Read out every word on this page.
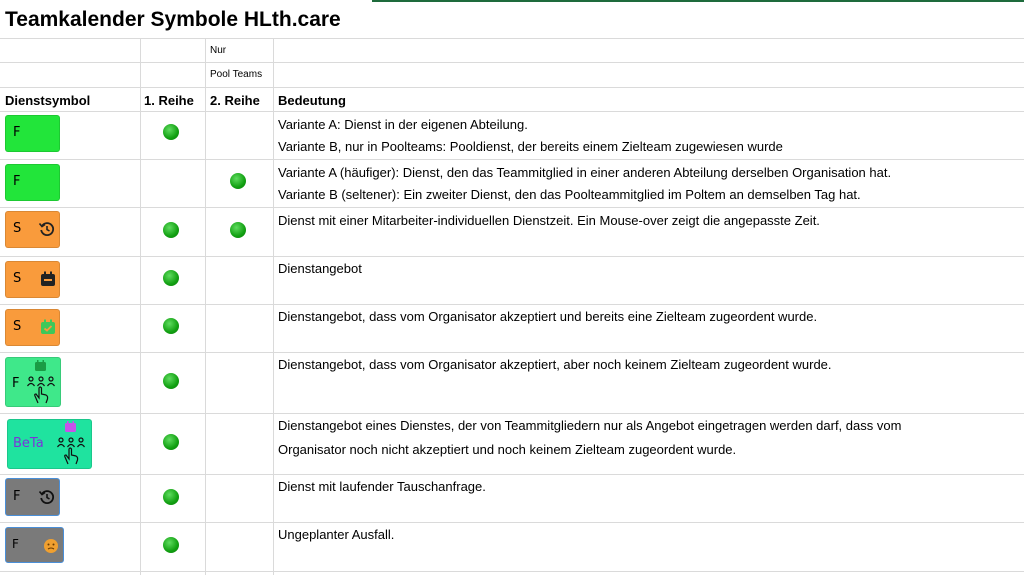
Teamkalender Symbole HLth.care
Nur
Pool Teams
Dienstsymbol	1. Reihe 2. Reihe Bedeutung
F
Variante A: Dienst in der eigenen Abteilung.
Variante B, nur in Poolteams: Pooldienst, der bereits einem Zielteam zugewiesen wurde
F
Variante A (häufiger): Dienst, den das Teammitglied in einer anderen Abteilung derselben Organisation hat.
Variante B (seltener): Ein zweiter Dienst, den das Poolteammitglied im Poltem an demselben Tag hat.
S
Dienst mit einer Mitarbeiter-individuellen Dienstzeit. Ein Mouse-over zeigt die angepasste Zeit.
S
Dienstangebot
S
Dienstangebot, dass vom Organisator akzeptiert und bereits eine Zielteam zugeordent wurde.
F
Dienstangebot, dass vom Organisator akzeptiert, aber noch keinem Zielteam zugeordent wurde.
BeTa
Dienstangebot eines Dienstes, der von Teammitgliedern nur als Angebot eingetragen werden darf, dass vom
Organisator noch nicht akzeptiert und noch keinem Zielteam zugeordent wurde.
F
Dienst mit laufender Tauschanfrage.
F
Ungeplanter Ausfall.
